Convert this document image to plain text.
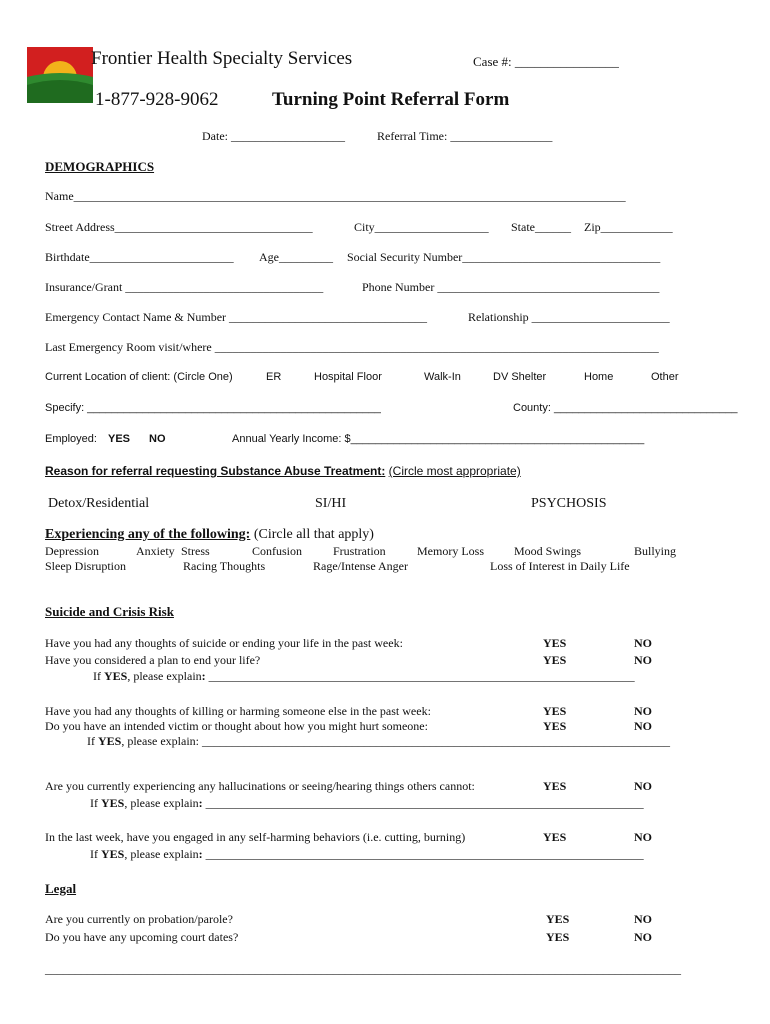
Frontier Health Specialty Services	Case #: ________________
1-877-928-9062	Turning Point Referral Form
Date: ___________________	Referral Time: _________________
DEMOGRAPHICS
Name____________________________________________________________________________________________
Street Address_________________________________	City___________________ State______ Zip____________
Birthdate________________________ Age_________ Social Security Number_________________________________
Insurance/Grant _________________________________	Phone Number _____________________________________
Emergency Contact Name & Number _________________________________	Relationship _______________________
Last Emergency Room visit/where __________________________________________________________________________
Current Location of client: (Circle One)	ER	Hospital Floor	Walk-In	DV Shelter	Home	Other
Specify: ________________________________________________	County: ______________________________
Employed: YES NO	Annual Yearly Income: $________________________________________________
Reason for referral requesting Substance Abuse Treatment: (Circle most appropriate)
Detox/Residential	SI/HI	PSYCHOSIS
Experiencing any of the following: (Circle all that apply)
Depression	Anxiety Stress	Confusion	Frustration	Memory Loss	Mood Swings	Bullying
Sleep Disruption	Racing Thoughts	Rage/Intense Anger	Loss of Interest in Daily Life
Suicide and Crisis Risk
Have you had any thoughts of suicide or ending your life in the past week:	YES	NO
Have you considered a plan to end your life?	YES	NO
If YES, please explain: _______________________________________________________________________
Have you had any thoughts of killing or harming someone else in the past week:	YES	NO
Do you have an intended victim or thought about how you might hurt someone:	YES	NO
If YES, please explain: ______________________________________________________________________________
Are you currently experiencing any hallucinations or seeing/hearing things others cannot:	YES	NO
If YES, please explain: _________________________________________________________________________
In the last week, have you engaged in any self-harming behaviors (i.e. cutting, burning)	YES	NO
If YES, please explain: _________________________________________________________________________
Legal
Are you currently on probation/parole?	YES	NO
Do you have any upcoming court dates?	YES	NO
__________________________________________________________________________________________________________
